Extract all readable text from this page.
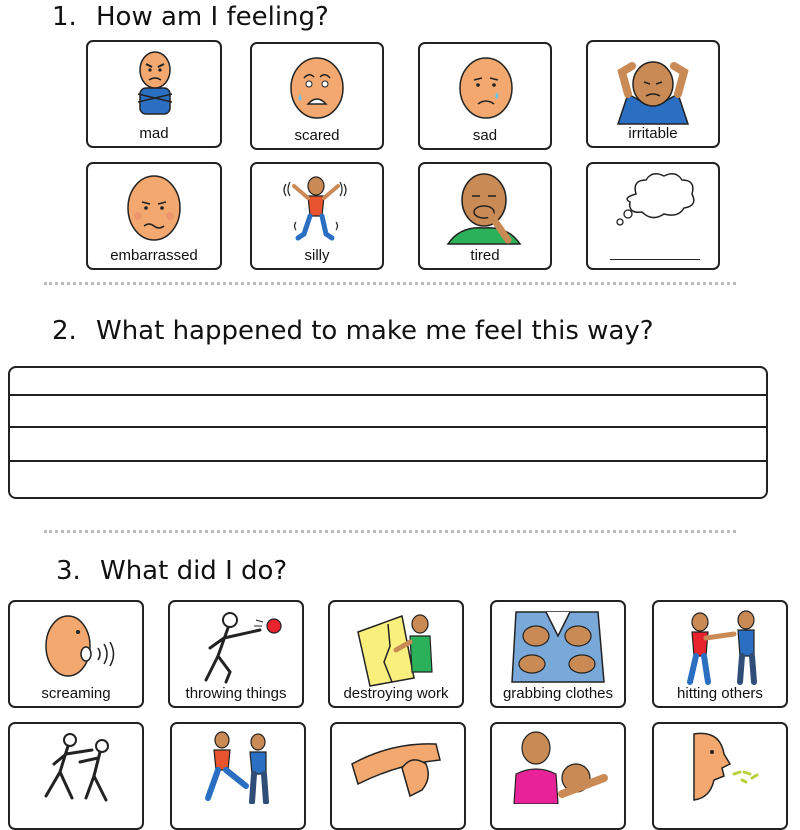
1. How am I feeling?
mad	scared	sad	irritable
embarrassed	silly	tired
2. What happened to make me feel this way?
3. What did I do?
screaming	throwing things	destroying work	grabbing clothes	hitting others
